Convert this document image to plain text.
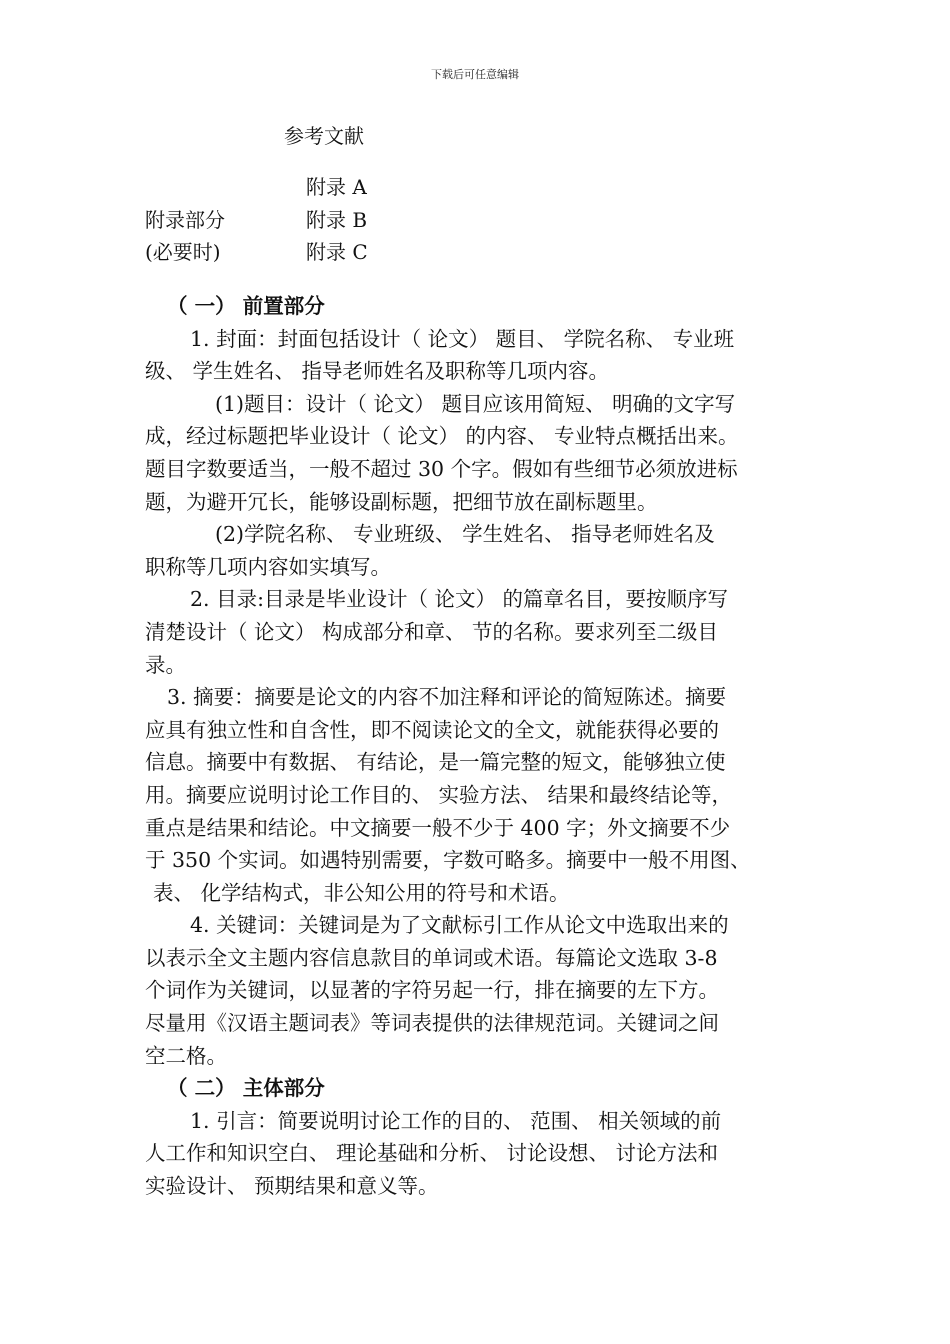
下载后可任意编辑
参考文献
附录 A
附录部分	附录 B
(必要时)	附录 C
（ 一） 前置部分
1. 封面：封面包括设计（ 论文） 题目、 学院名称、 专业班
级、 学生姓名、 指导老师姓名及职称等几项内容。
(1)题目：设计（ 论文） 题目应该用简短、 明确的文字写
成，经过标题把毕业设计（ 论文） 的内容、 专业特点概括出来。
题目字数要适当，一般不超过 30 个字。假如有些细节必须放进标
题，为避开冗长，能够设副标题，把细节放在副标题里。
(2)学院名称、 专业班级、 学生姓名、 指导老师姓名及
职称等几项内容如实填写。
2. 目录:目录是毕业设计（ 论文） 的篇章名目，要按顺序写
清楚设计（ 论文） 构成部分和章、 节的名称。要求列至二级目
录。
3. 摘要：摘要是论文的内容不加注释和评论的简短陈述。摘要
应具有独立性和自含性，即不阅读论文的全文，就能获得必要的
信息。摘要中有数据、 有结论，是一篇完整的短文，能够独立使
用。摘要应说明讨论工作目的、 实验方法、 结果和最终结论等，
重点是结果和结论。中文摘要一般不少于 400 字；外文摘要不少
于 350 个实词。如遇特别需要，字数可略多。摘要中一般不用图、
表、 化学结构式，非公知公用的符号和术语。
4. 关键词：关键词是为了文献标引工作从论文中选取出来的
以表示全文主题内容信息款目的单词或术语。每篇论文选取 3-8
个词作为关键词，以显著的字符另起一行，排在摘要的左下方。
尽量用《汉语主题词表》等词表提供的法律规范词。关键词之间
空二格。
（ 二） 主体部分
1. 引言：简要说明讨论工作的目的、 范围、 相关领域的前
人工作和知识空白、 理论基础和分析、 讨论设想、 讨论方法和
实验设计、 预期结果和意义等。
